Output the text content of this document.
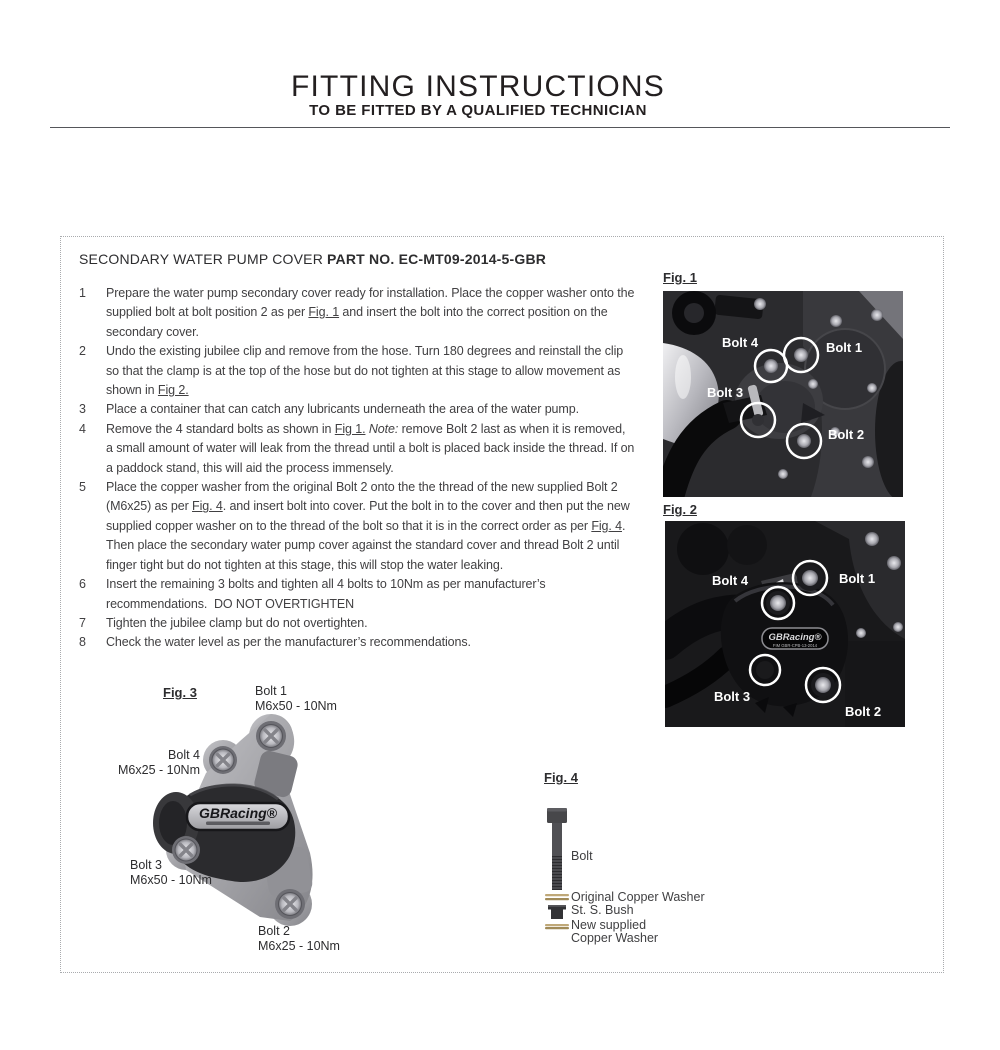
FITTING INSTRUCTIONS
TO BE FITTED BY A QUALIFIED TECHNICIAN
SECONDARY WATER PUMP COVER PART NO. EC-MT09-2014-5-GBR
1	Prepare the water pump secondary cover ready for installation. Place the copper washer onto the supplied bolt at bolt position 2 as per Fig. 1 and insert the bolt into the correct position on the secondary cover.
2	Undo the existing jubilee clip and remove from the hose. Turn 180 degrees and reinstall the clip so that the clamp is at the top of the hose but do not tighten at this stage to allow movement as shown in Fig 2.
3	Place a container that can catch any lubricants underneath the area of the water pump.
4	Remove the 4 standard bolts as shown in Fig 1. Note: remove Bolt 2 last as when it is removed, a small amount of water will leak from the thread until a bolt is placed back inside the thread. If on a paddock stand, this will aid the process immensely.
5	Place the copper washer from the original Bolt 2 onto the the thread of the new supplied Bolt 2 (M6x25) as per Fig. 4. and insert bolt into cover. Put the bolt in to the cover and then put the new supplied copper washer on to the thread of the bolt so that it is in the correct order as per Fig. 4. Then place the secondary water pump cover against the standard cover and thread Bolt 2 until finger tight but do not tighten at this stage, this will stop the water leaking.
6	Insert the remaining 3 bolts and tighten all 4 bolts to 10Nm as per manufacturer’s recommendations.  DO NOT OVERTIGHTEN
7	Tighten the jubilee clamp but do not overtighten.
8	Check the water level as per the manufacturer’s recommendations.
Fig. 1
Bolt 4	Bolt 1
Bolt 3
Bolt 2
Fig. 2
GBRacing®
FIM GBR-CPB-13-2014
Bolt 4	Bolt 1
Bolt 3
Bolt 2
Fig. 3
GBRacing®
Bolt 1
M6x50 - 10Nm
Bolt 4
M6x25 - 10Nm
Bolt 3
M6x50 - 10Nm
Bolt 2
M6x25 - 10Nm
Fig. 4
Bolt
Original Copper Washer
St. S. Bush
New supplied
Copper Washer
